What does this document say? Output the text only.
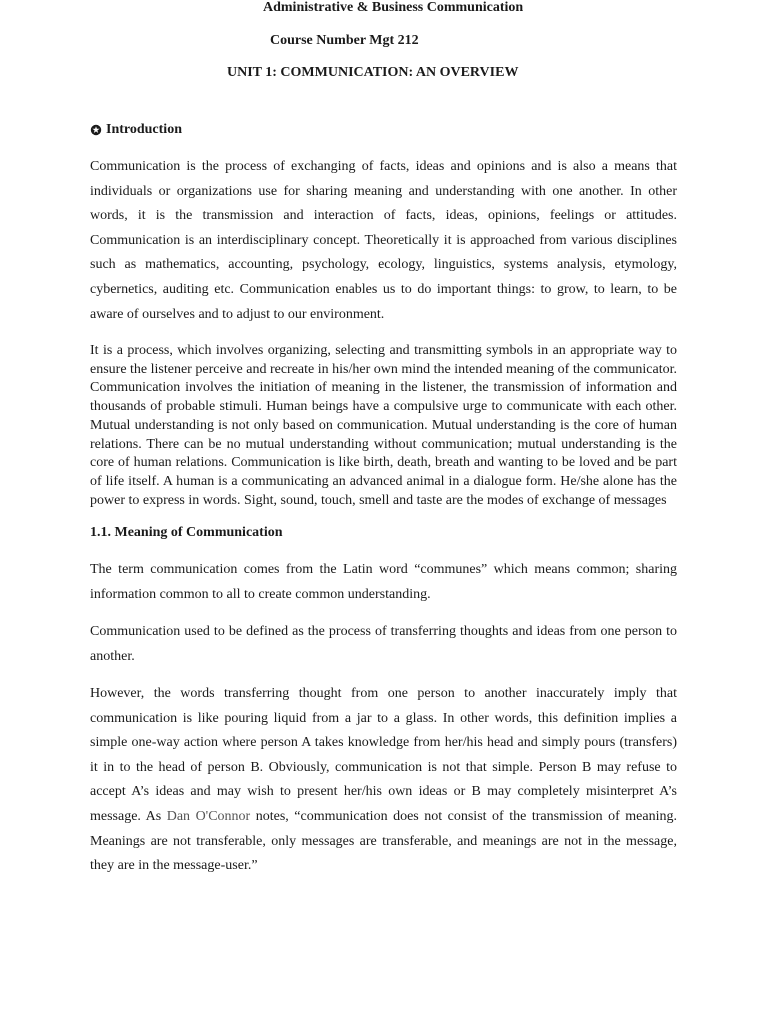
Administrative & Business Communication
Course Number Mgt 212
UNIT 1: COMMUNICATION: AN OVERVIEW
Introduction

Communication is the process of exchanging of facts, ideas and opinions and is also a means that individuals or organizations use for sharing meaning and understanding with one another. In other words, it is the transmission and interaction of facts, ideas, opinions, feelings or attitudes. Communication is an interdisciplinary concept. Theoretically it is approached from various disciplines such as mathematics, accounting, psychology, ecology, linguistics, systems analysis, etymology, cybernetics, auditing etc. Communication enables us to do important things: to grow, to learn, to be aware of ourselves and to adjust to our environment.

It is a process, which involves organizing, selecting and transmitting symbols in an appropriate way to ensure the listener perceive and recreate in his/her own mind the intended meaning of the communicator. Communication involves the initiation of meaning in the listener, the transmission of information and thousands of probable stimuli. Human beings have a compulsive urge to communicate with each other. Mutual understanding is not only based on communication. Mutual understanding is the core of human relations. There can be no mutual understanding without communication; mutual understanding is the core of human relations. Communication is like birth, death, breath and wanting to be loved and be part of life itself. A human is a communicating an advanced animal in a dialogue form. He/she alone has the power to express in words. Sight, sound, touch, smell and taste are the modes of exchange of messages

1.1. Meaning of Communication

The term communication comes from the Latin word “communes” which means common; sharing information common to all to create common understanding.

Communication used to be defined as the process of transferring thoughts and ideas from one person to another.

However, the words transferring thought from one person to another inaccurately imply that communication is like pouring liquid from a jar to a glass. In other words, this definition implies a simple one-way action where person A takes knowledge from her/his head and simply pours (transfers) it in to the head of person B. Obviously, communication is not that simple. Person B may refuse to accept A’s ideas and may wish to present her/his own ideas or B may completely misinterpret A’s message. As Dan O'Connor notes, “communication does not consist of the transmission of meaning. Meanings are not transferable, only messages are transferable, and meanings are not in the message, they are in the message-user.”
